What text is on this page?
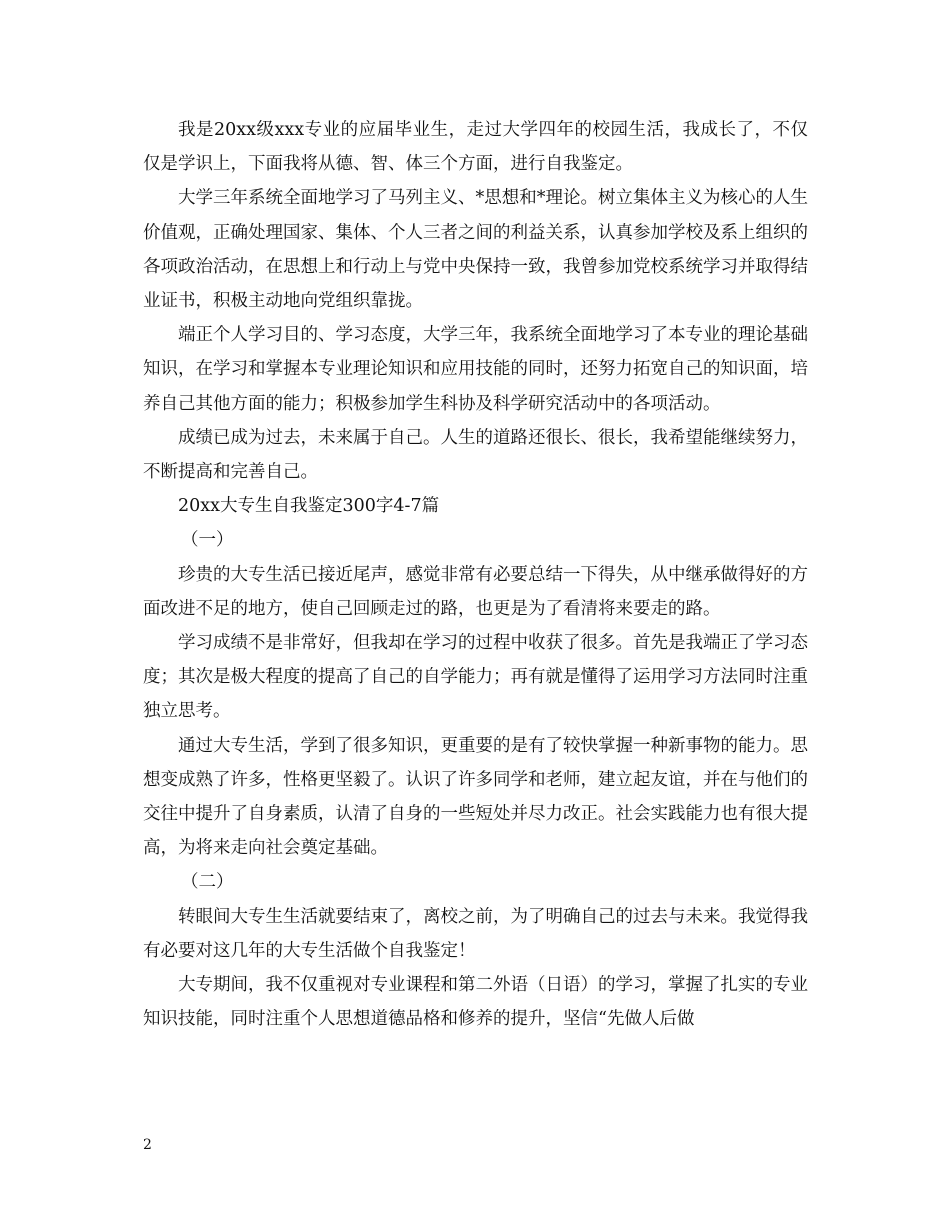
我是20xx级xxx专业的应届毕业生，走过大学四年的校园生活，我成长了，不仅仅是学识上，下面我将从德、智、体三个方面，进行自我鉴定。

大学三年系统全面地学习了马列主义、*思想和*理论。树立集体主义为核心的人生价值观，正确处理国家、集体、个人三者之间的利益关系，认真参加学校及系上组织的各项政治活动，在思想上和行动上与党中央保持一致，我曾参加党校系统学习并取得结业证书，积极主动地向党组织靠拢。

端正个人学习目的、学习态度，大学三年，我系统全面地学习了本专业的理论基础知识，在学习和掌握本专业理论知识和应用技能的同时，还努力拓宽自己的知识面，培养自己其他方面的能力；积极参加学生科协及科学研究活动中的各项活动。

成绩已成为过去，未来属于自己。人生的道路还很长、很长，我希望能继续努力，不断提高和完善自己。

20xx大专生自我鉴定300字4-7篇

（一）

珍贵的大专生活已接近尾声，感觉非常有必要总结一下得失，从中继承做得好的方面改进不足的地方，使自己回顾走过的路，也更是为了看清将来要走的路。

学习成绩不是非常好，但我却在学习的过程中收获了很多。首先是我端正了学习态度；其次是极大程度的提高了自己的自学能力；再有就是懂得了运用学习方法同时注重独立思考。

通过大专生活，学到了很多知识，更重要的是有了较快掌握一种新事物的能力。思想变成熟了许多，性格更坚毅了。认识了许多同学和老师，建立起友谊，并在与他们的交往中提升了自身素质，认清了自身的一些短处并尽力改正。社会实践能力也有很大提高，为将来走向社会奠定基础。

（二）

转眼间大专生生活就要结束了，离校之前，为了明确自己的过去与未来。我觉得我有必要对这几年的大专生活做个自我鉴定！

大专期间，我不仅重视对专业课程和第二外语（日语）的学习，掌握了扎实的专业知识技能，同时注重个人思想道德品格和修养的提升，坚信“先做人后做

2
